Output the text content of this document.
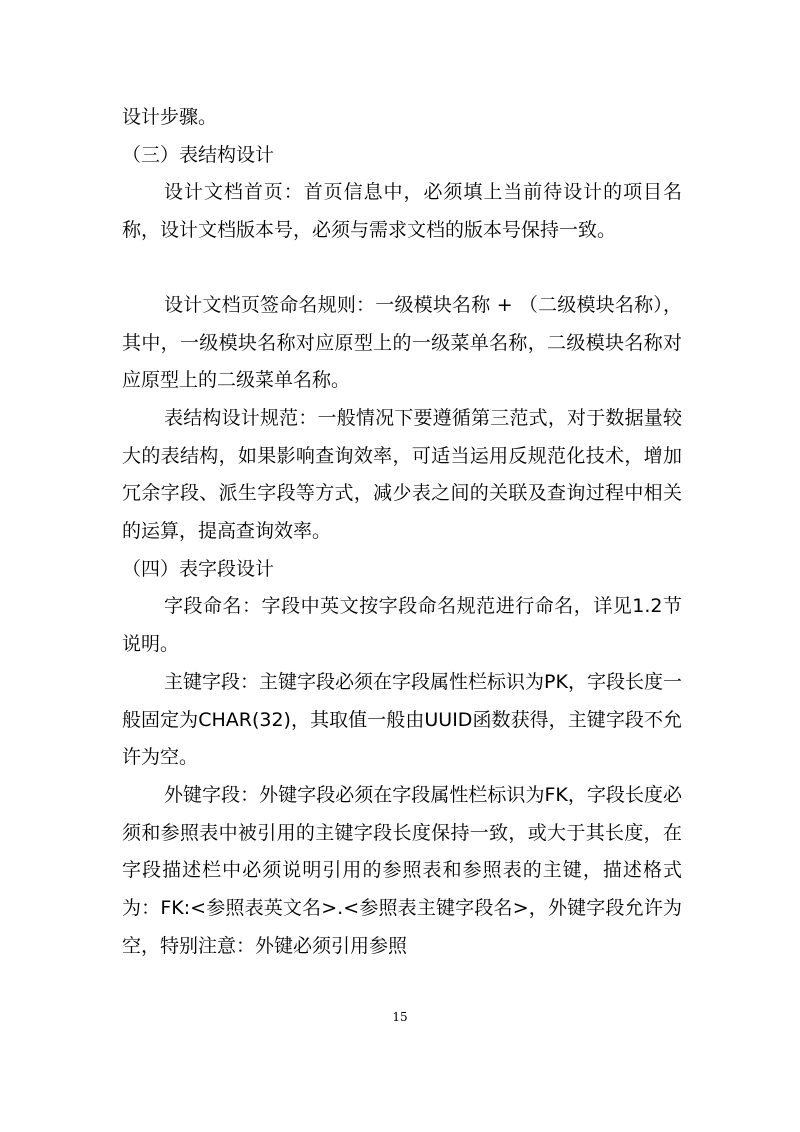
设计步骤。

（三）表结构设计

设计文档首页：首页信息中，必须填上当前待设计的项目名称，设计文档版本号，必须与需求文档的版本号保持一致。

设计文档页签命名规则：一级模块名称 + （二级模块名称），其中，一级模块名称对应原型上的一级菜单名称，二级模块名称对应原型上的二级菜单名称。

表结构设计规范：一般情况下要遵循第三范式，对于数据量较大的表结构，如果影响查询效率，可适当运用反规范化技术，增加冗余字段、派生字段等方式，减少表之间的关联及查询过程中相关的运算，提高查询效率。

（四）表字段设计

字段命名：字段中英文按字段命名规范进行命名，详见1.2节说明。

主键字段：主键字段必须在字段属性栏标识为PK，字段长度一般固定为CHAR(32)，其取值一般由UUID函数获得，主键字段不允许为空。

外键字段：外键字段必须在字段属性栏标识为FK，字段长度必须和参照表中被引用的主键字段长度保持一致，或大于其长度，在字段描述栏中必须说明引用的参照表和参照表的主键，描述格式为：FK:<参照表英文名>.<参照表主键字段名>，外键字段允许为空，特别注意：外键必须引用参照

15
